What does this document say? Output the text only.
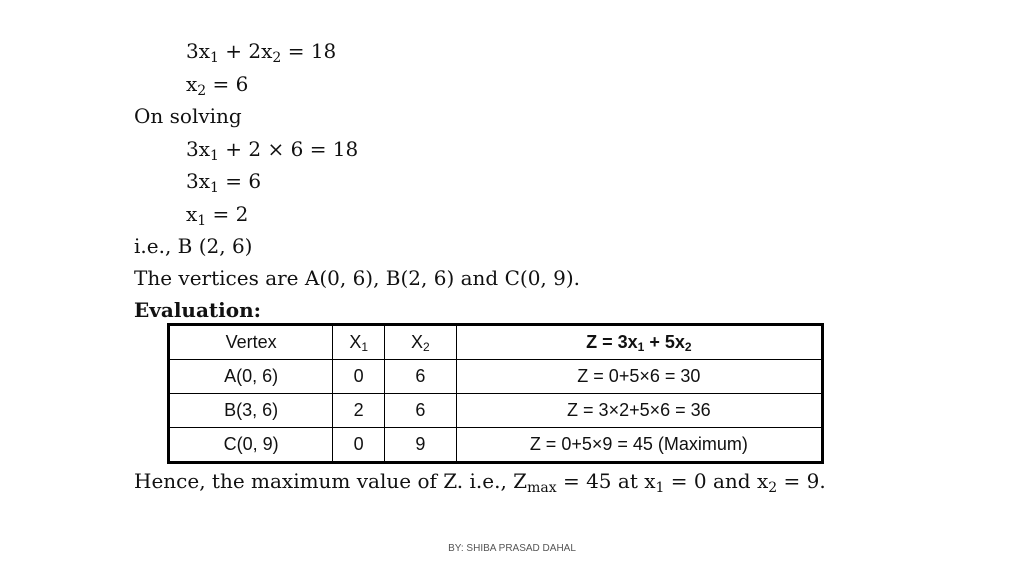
$3x_1 + 2x_2 = 18$
$x_2 = 6$
On solving
$3x_1 + 2 \times 6 = 18$
$3x_1 = 6$
$x_1 = 2$
i.e., B (2, 6)
The vertices are A(0, 6), B(2, 6) and C(0, 9).
Evaluation:
Vertex	$X_1$	$X_2$	$Z = 3x_1 + 5x_2$
A(0, 6)	0	6	Z = 0+5×6 = 30
B(3, 6)	2	6	Z = 3×2+5×6 = 36
C(0, 9)	0	9	Z = 0+5×9 = 45 (Maximum)
Hence, the maximum value of Z. i.e., $Z_{max} = 45$ at $x_1 = 0$ and $x_2 = 9$.
BY: SHIBA PRASAD DAHAL
